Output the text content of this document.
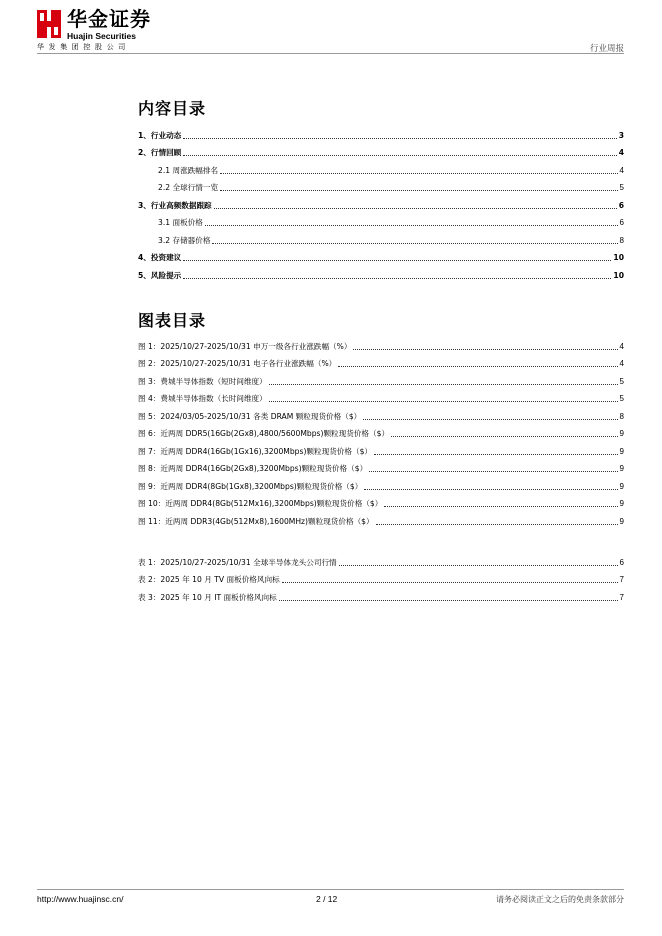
华金证券
Huajin Securities
华发集团控股公司	行业周报
内容目录
1、行业动态	3
2、行情回顾	4
2.1 周涨跌幅排名	4
2.2 全球行情一览	5
3、行业高频数据跟踪	6
3.1 面板价格	6
3.2 存储器价格	8
4、投资建议	10
5、风险提示	10
图表目录
图 1：2025/10/27-2025/10/31 申万一级各行业涨跌幅（%）	4
图 2：2025/10/27-2025/10/31 电子各行业涨跌幅（%）	4
图 3：费城半导体指数（短时间维度）	5
图 4：费城半导体指数（长时间维度）	5
图 5：2024/03/05-2025/10/31 各类 DRAM 颗粒现货价格（$）	8
图 6：近两周 DDR5(16Gb(2Gx8),4800/5600Mbps)颗粒现货价格（$）	9
图 7：近两周 DDR4(16Gb(1Gx16),3200Mbps)颗粒现货价格（$）	9
图 8：近两周 DDR4(16Gb(2Gx8),3200Mbps)颗粒现货价格（$）	9
图 9：近两周 DDR4(8Gb(1Gx8),3200Mbps)颗粒现货价格（$）	9
图 10：近两周 DDR4(8Gb(512Mx16),3200Mbps)颗粒现货价格（$）	9
图 11：近两周 DDR3(4Gb(512Mx8),1600MHz)颗粒现货价格（$）	9
表 1：2025/10/27-2025/10/31 全球半导体龙头公司行情	6
表 2：2025 年 10 月 TV 面板价格风向标	7
表 3：2025 年 10 月 IT 面板价格风向标	7
http://www.huajinsc.cn/	2 / 12	请务必阅读正文之后的免责条款部分
